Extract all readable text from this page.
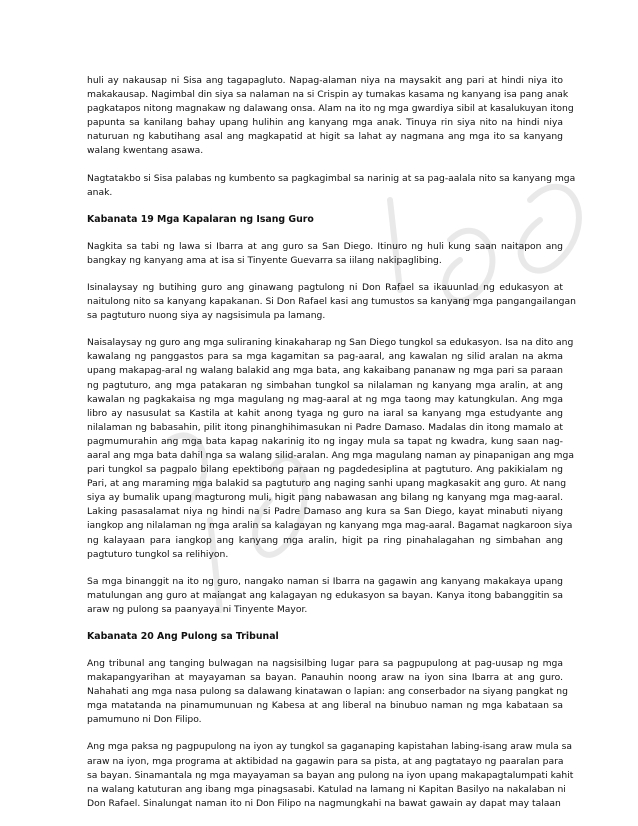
huli ay nakausap ni Sisa ang tagapagluto. Napag-alaman niya na maysakit ang pari at hindi niya ito
makakausap. Nagimbal din siya sa nalaman na si Crispin ay tumakas kasama ng kanyang isa pang anak
pagkatapos nitong magnakaw ng dalawang onsa. Alam na ito ng mga gwardiya sibil at kasalukuyan itong
papunta sa kanilang bahay upang hulihin ang kanyang mga anak. Tinuya rin siya nito na hindi niya
naturuan ng kabutihang asal ang magkapatid at higit sa lahat ay nagmana ang mga ito sa kanyang
walang kwentang asawa.
Nagtatakbo si Sisa palabas ng kumbento sa pagkagimbal sa narinig at sa pag-aalala nito sa kanyang mga
anak.
Kabanata 19 Mga Kapalaran ng Isang Guro
Nagkita sa tabi ng lawa si Ibarra at ang guro sa San Diego. Itinuro ng huli kung saan naitapon ang
bangkay ng kanyang ama at isa si Tinyente Guevarra sa iilang nakipaglibing.
Isinalaysay ng butihing guro ang ginawang pagtulong ni Don Rafael sa ikauunlad ng edukasyon at
naitulong nito sa kanyang kapakanan. Si Don Rafael kasi ang tumustos sa kanyang mga pangangailangan
sa pagtuturo nuong siya ay nagsisimula pa lamang.
Naisalaysay ng guro ang mga suliraning kinakaharap ng San Diego tungkol sa edukasyon. Isa na dito ang
kawalang ng panggastos para sa mga kagamitan sa pag-aaral, ang kawalan ng silid aralan na akma
upang makapag-aral ng walang balakid ang mga bata, ang kakaibang pananaw ng mga pari sa paraan
ng pagtuturo, ang mga patakaran ng simbahan tungkol sa nilalaman ng kanyang mga aralin, at ang
kawalan ng pagkakaisa ng mga magulang ng mag-aaral at ng mga taong may katungkulan. Ang mga
libro ay nasusulat sa Kastila at kahit anong tyaga ng guro na iaral sa kanyang mga estudyante ang
nilalaman ng babasahin, pilit itong pinanghihimasukan ni Padre Damaso. Madalas din itong mamalo at
pagmumurahin ang mga bata kapag nakarinig ito ng ingay mula sa tapat ng kwadra, kung saan nag-
aaral ang mga bata dahil nga sa walang silid-aralan. Ang mga magulang naman ay pinapanigan ang mga
pari tungkol sa pagpalo bilang epektibong paraan ng pagdedesiplina at pagtuturo. Ang pakikialam ng
Pari, at ang maraming mga balakid sa pagtuturo ang naging sanhi upang magkasakit ang guro. At nang
siya ay bumalik upang magturong muli, higit pang nabawasan ang bilang ng kanyang mga mag-aaral.
Laking pasasalamat niya ng hindi na si Padre Damaso ang kura sa San Diego, kayat minabuti niyang
iangkop ang nilalaman ng mga aralin sa kalagayan ng kanyang mga mag-aaral. Bagamat nagkaroon siya
ng kalayaan para iangkop ang kanyang mga aralin, higit pa ring pinahalagahan ng simbahan ang
pagtuturo tungkol sa relihiyon.
Sa mga binanggit na ito ng guro, nangako naman si Ibarra na gagawin ang kanyang makakaya upang
matulungan ang guro at maiangat ang kalagayan ng edukasyon sa bayan. Kanya itong babanggitin sa
araw ng pulong sa paanyaya ni Tinyente Mayor.
Kabanata 20 Ang Pulong sa Tribunal
Ang tribunal ang tanging bulwagan na nagsisilbing lugar para sa pagpupulong at pag-uusap ng mga
makapangyarihan at mayayaman sa bayan. Panauhin noong araw na iyon sina Ibarra at ang guro.
Nahahati ang mga nasa pulong sa dalawang kinatawan o lapian: ang conserbador na siyang pangkat ng
mga matatanda na pinamumunuan ng Kabesa at ang liberal na binubuo naman ng mga kabataan sa
pamumuno ni Don Filipo.
Ang mga paksa ng pagpupulong na iyon ay tungkol sa gaganaping kapistahan labing-isang araw mula sa
araw na iyon, mga programa at aktibidad na gagawin para sa pista, at ang pagtatayo ng paaralan para
sa bayan. Sinamantala ng mga mayayaman sa bayan ang pulong na iyon upang makapagtalumpati kahit
na walang katuturan ang ibang mga pinagsasabi. Katulad na lamang ni Kapitan Basilyo na nakalaban ni
Don Rafael. Sinalungat naman ito ni Don Filipo na nagmungkahi na bawat gawain ay dapat may talaan
